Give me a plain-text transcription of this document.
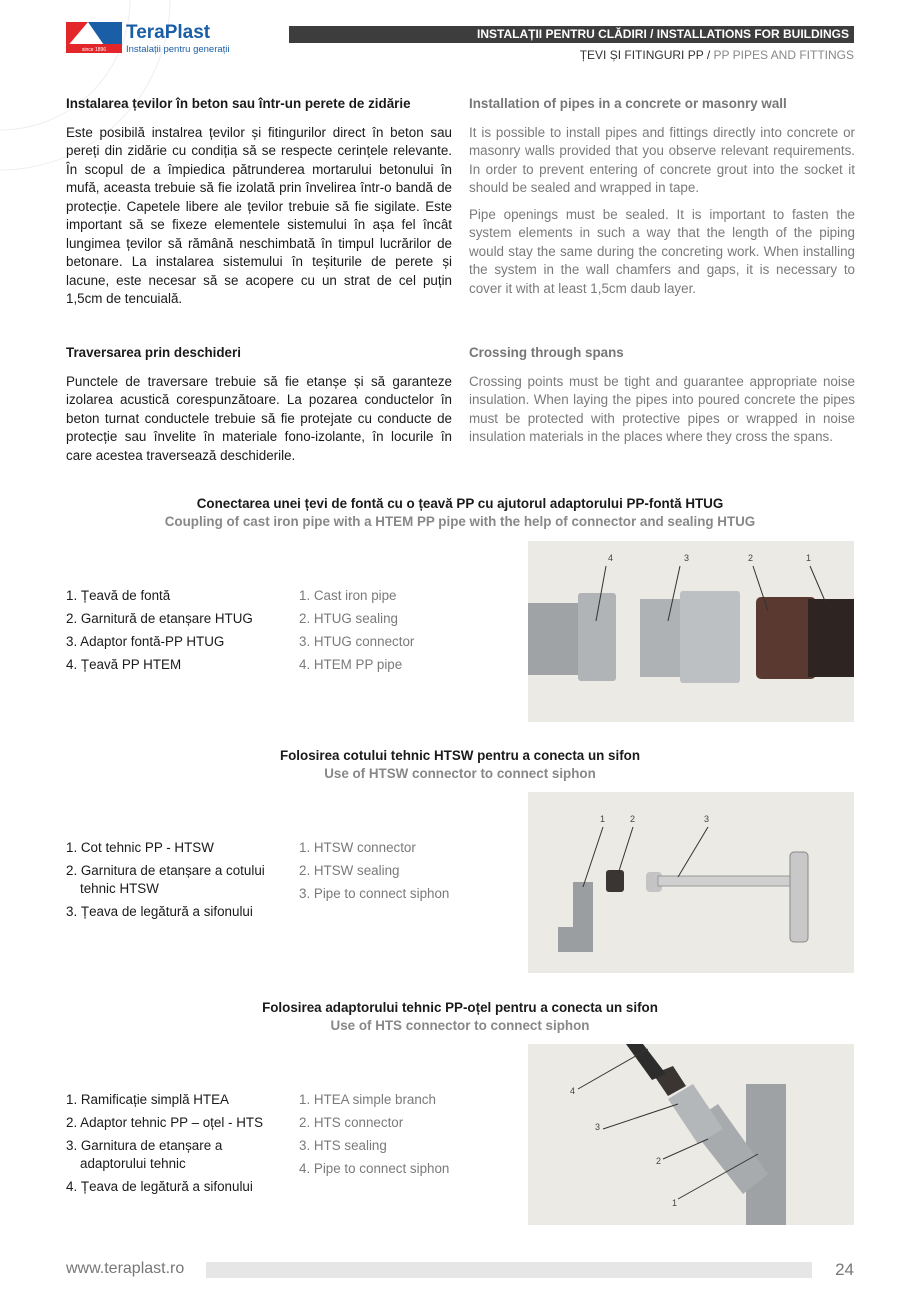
since 1896
TeraPlast
Instalații pentru generații
INSTALAȚII PENTRU CLĂDIRI / INSTALLATIONS FOR BUILDINGS
ȚEVI ȘI FITINGURI PP / PP PIPES AND FITTINGS
Instalarea țevilor în beton sau într-un perete de zidărie

Este posibilă instalrea țevilor și fitingurilor direct în beton sau pereți din zidărie cu condiția să se respecte cerințele relevante. În scopul de a împiedica pătrunderea mortarului betonului în mufă, aceasta trebuie să fie izolată prin învelirea într-o bandă de protecție. Capetele libere ale țevilor trebuie să fie sigilate. Este important să se fixeze elementele sistemului în așa fel încât lungimea țevilor să rămână neschimbată în timpul lucrărilor de betonare. La instalarea sistemului în teșiturile de perete și lacune, este necesar să se acopere cu un strat de cel puțin 1,5cm de tencuială.

Installation of pipes in a concrete or masonry wall

It is possible to install pipes and fittings directly into concrete or masonry walls provided that you observe relevant requirements. In order to prevent entering of concrete grout into the socket it should be sealed and wrapped in tape.

Pipe openings must be sealed. It is important to fasten the system elements in such a way that the length of the piping would stay the same during the concreting work. When installing the system in the wall chamfers and gaps, it is necessary to cover it with at least 1,5cm daub layer.

Traversarea prin deschideri

Punctele de traversare trebuie să fie etanșe și să garanteze izolarea acustică corespunzătoare. La pozarea conductelor în beton turnat conductele trebuie să fie protejate cu conducte de protecție sau învelite în materiale fono-izolante, în locurile în care acestea traversează deschiderile.

Crossing through spans

Crossing points must be tight and guarantee appropriate noise insulation. When laying the pipes into poured concrete the pipes must be protected with protective pipes or wrapped in noise insulation materials in the places where they cross the spans.

Conectarea unei țevi de fontă cu o țeavă PP cu ajutorul adaptorului PP-fontă HTUG
Coupling of cast iron pipe with a HTEM PP pipe with the help of connector and sealing HTUG
1. Țeavă de fontă
2. Garnitură de etanșare HTUG
3. Adaptor fontă-PP HTUG
4. Țeavă PP HTEM
1. Cast iron pipe
2. HTUG sealing
3. HTUG connector
4. HTEM PP pipe
4	3	2	1
Folosirea cotului tehnic HTSW pentru a conecta un sifon
Use of HTSW connector to connect siphon
1. Cot tehnic PP - HTSW
2. Garnitura de etanșare a cotului tehnic HTSW
3. Țeava de legătură a sifonului
1. HTSW connector
2. HTSW sealing
3. Pipe to connect siphon
1	2	3
Folosirea adaptorului tehnic PP-oțel pentru a conecta un sifon
Use of HTS connector to connect siphon
1. Ramificație simplă HTEA
2. Adaptor tehnic PP – oțel - HTS
3. Garnitura de etanșare a adaptorului tehnic
4. Țeava de legătură a sifonului
1. HTEA simple branch
2. HTS connector
3. HTS sealing
4. Pipe to connect siphon
4
3
2
1
www.teraplast.ro	24
